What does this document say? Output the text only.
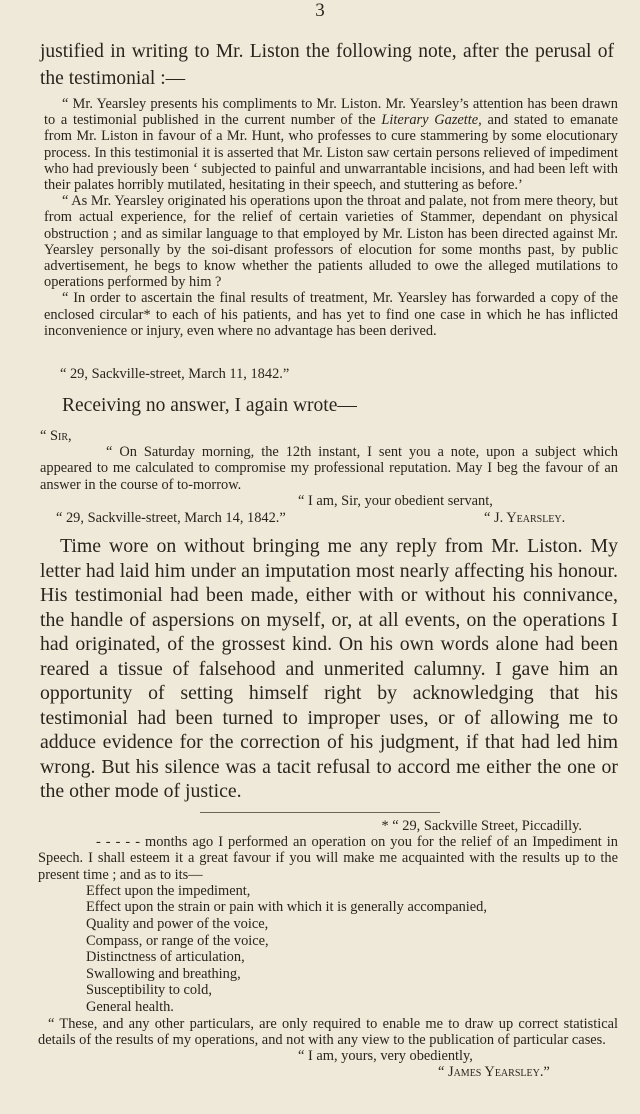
3
justified in writing to Mr. Liston the following note, after the perusal of the testimonial :—

“ Mr. Yearsley presents his compliments to Mr. Liston. Mr. Yearsley’s attention has been drawn to a testimonial published in the current number of the Literary Gazette, and stated to emanate from Mr. Liston in favour of a Mr. Hunt, who professes to cure stammering by some elocutionary process. In this testimonial it is asserted that Mr. Liston saw certain persons relieved of impediment who had previously been ‘ subjected to painful and unwarrantable incisions, and had been left with their palates horribly mutilated, hesitating in their speech, and stuttering as before.’

“ As Mr. Yearsley originated his operations upon the throat and palate, not from mere theory, but from actual experience, for the relief of certain varieties of Stammer, dependant on physical obstruction ; and as similar language to that employed by Mr. Liston has been directed against Mr. Yearsley personally by the soi-disant professors of elocution for some months past, by public advertisement, he begs to know whether the patients alluded to owe the alleged mutilations to operations performed by him ?

“ In order to ascertain the final results of treatment, Mr. Yearsley has forwarded a copy of the enclosed circular* to each of his patients, and has yet to find one case in which he has inflicted inconvenience or injury, even where no advantage has been derived.

“ 29, Sackville-street, March 11, 1842.”
Receiving no answer, I again wrote—

“ Sir,

“ On Saturday morning, the 12th instant, I sent you a note, upon a subject which appeared to me calculated to compromise my professional reputation. May I beg the favour of an answer in the course of to-morrow.

“ I am, Sir, your obedient servant,
“ 29, Sackville-street, March 14, 1842.”	“ J. Yearsley.

Time wore on without bringing me any reply from Mr. Liston. My letter had laid him under an imputation most nearly affecting his honour. His testimonial had been made, either with or without his connivance, the handle of aspersions on myself, or, at all events, on the operations I had originated, of the grossest kind. On his own words alone had been reared a tissue of falsehood and unmerited calumny. I gave him an opportunity of setting himself right by acknowledging that his testimonial had been turned to improper uses, or of allowing me to adduce evidence for the correction of his judgment, if that had led him wrong. But his silence was a tacit refusal to accord me either the one or the other mode of justice.

* “ 29, Sackville Street, Piccadilly.

- - - - - months ago I performed an operation on you for the relief of an Impediment in Speech. I shall esteem it a great favour if you will make me acquainted with the results up to the present time ; and as to its—

Effect upon the impediment,
Effect upon the strain or pain with which it is generally accompanied,
Quality and power of the voice,
Compass, or range of the voice,
Distinctness of articulation,
Swallowing and breathing,
Susceptibility to cold,
General health.

“ These, and any other particulars, are only required to enable me to draw up correct statistical details of the results of my operations, and not with any view to the publication of particular cases.

“ I am, yours, very obediently,

“ James Yearsley.”
